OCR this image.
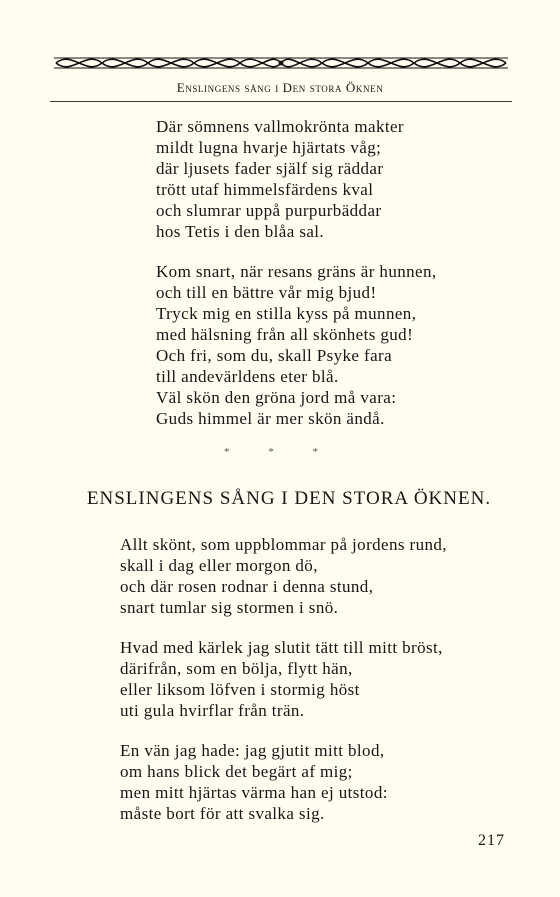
Enslingens sång i Den stora Öknen
Där sömnens vallmokrönta makter
mildt lugna hvarje hjärtats våg;
där ljusets fader själf sig räddar
trött utaf himmelsfärdens kval
och slumrar uppå purpurbäddar
hos Tetis i den blåa sal.
Kom snart, när resans gräns är hunnen,
och till en bättre vår mig bjud!
Tryck mig en stilla kyss på munnen,
med hälsning från all skönhets gud!
Och fri, som du, skall Psyke fara
till andevärldens eter blå.
Väl skön den gröna jord må vara:
Guds himmel är mer skön ändå.
* * *
ENSLINGENS SÅNG I DEN STORA ÖKNEN.
Allt skönt, som uppblommar på jordens rund,
skall i dag eller morgon dö,
och där rosen rodnar i denna stund,
snart tumlar sig stormen i snö.
Hvad med kärlek jag slutit tätt till mitt bröst,
därifrån, som en bölja, flytt hän,
eller liksom löfven i stormig höst
uti gula hvirflar från trän.
En vän jag hade: jag gjutit mitt blod,
om hans blick det begärt af mig;
men mitt hjärtas värma han ej utstod:
måste bort för att svalka sig.
217
